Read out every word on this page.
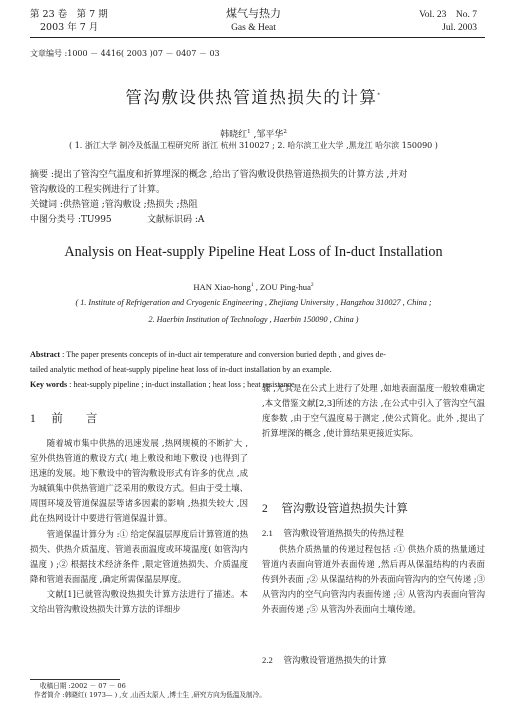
第 23 卷　第 7 期
2003 年 7 月
煤气与热力
Gas & Heat
Vol. 23　No. 7
Jul. 2003
文章编号 :1000 － 4416( 2003 )07 － 0407 － 03
管沟敷设供热管道热损失的计算*
韩晓红$^1$ ,邹平华$^2$
( 1. 浙江大学 制冷及低温工程研究所 浙江 杭州 310027 ; 2. 哈尔滨工业大学 ,黑龙江 哈尔滨 150090 )
摘要 :提出了管沟空气温度和折算埋深的概念 ,给出了管沟敷设供热管道热损失的计算方法 ,并对
管沟敷设的工程实例进行了计算。
关键词 :供热管道 ;管沟敷设 ;热损失 ;热阻
中图分类号 :TU995	文献标识码 :A
Analysis on Heat-supply Pipeline Heat Loss of In-duct Installation
HAN Xiao-hong$^1$ , ZOU Ping-hua$^2$
( 1. Institute of Refrigeration and Cryogenic Engineering , Zhejiang University , Hangzhou 310027 , China ;
2. Haerbin Institution of Technology , Haerbin 150090 , China )
Abstract : The paper presents concepts of in-duct air temperature and conversion buried depth , and gives de-
tailed analytic method of heat-supply pipeline heat loss of in-duct installation by an example.
Key words : heat-supply pipeline ; in-duct installation ; heat loss ; heat resistance
1 前　　言

随着城市集中供热的迅速发展 ,热网规模的不断扩大 ,室外供热管道的敷设方式( 地上敷设和地下敷设 )也得到了迅速的发展。地下敷设中的管沟敷设形式有许多的优点 ,成为城镇集中供热管道广泛采用的敷设方式。但由于受土壤、周围环境及管道保温层等诸多因素的影响 ,热损失较大 ,因此在热网设计中要进行管道保温计算。

管道保温计算分为 :① 给定保温层厚度后计算管道的热损失、供热介质温度、管道表面温度或环境温度( 如管沟内温度 ) ;② 根据技术经济条件 ,限定管道热损失、介质温度降和管道表面温度 ,确定所需保温层厚度。

文献[1]已就管沟敷设热损失计算方法进行了描述。本文给出管沟敷设热损失计算方法的详细步

骤 ,尤其是在公式上进行了处理 ,如地表面温度一般较难确定 ,本文借鉴文献[2,3]所述的方法 ,在公式中引入了管沟空气温度参数 ,由于空气温度易于测定 ,使公式简化。此外 ,提出了折算埋深的概念 ,使计算结果更接近实际。

2 管沟敷设管道热损失计算
2.1 管沟敷设管道热损失的传热过程

供热介质热量的传递过程包括 :① 供热介质的热量通过管道内表面向管道外表面传递 ,然后再从保温结构的内表面传到外表面 ;② 从保温结构的外表面向管沟内的空气传递 ;③ 从管沟内的空气向管沟内表面传递 ;④ 从管沟内表面向管沟外表面传递 ;⑤ 从管沟外表面向土壤传递。

2.2 管沟敷设管道热损失的计算
收稿日期 :2002 － 07 － 06
作者简介 :韩晓红( 1973— ) ,女 ,山西太原人 ,博士生 ,研究方向为低温及制冷。
